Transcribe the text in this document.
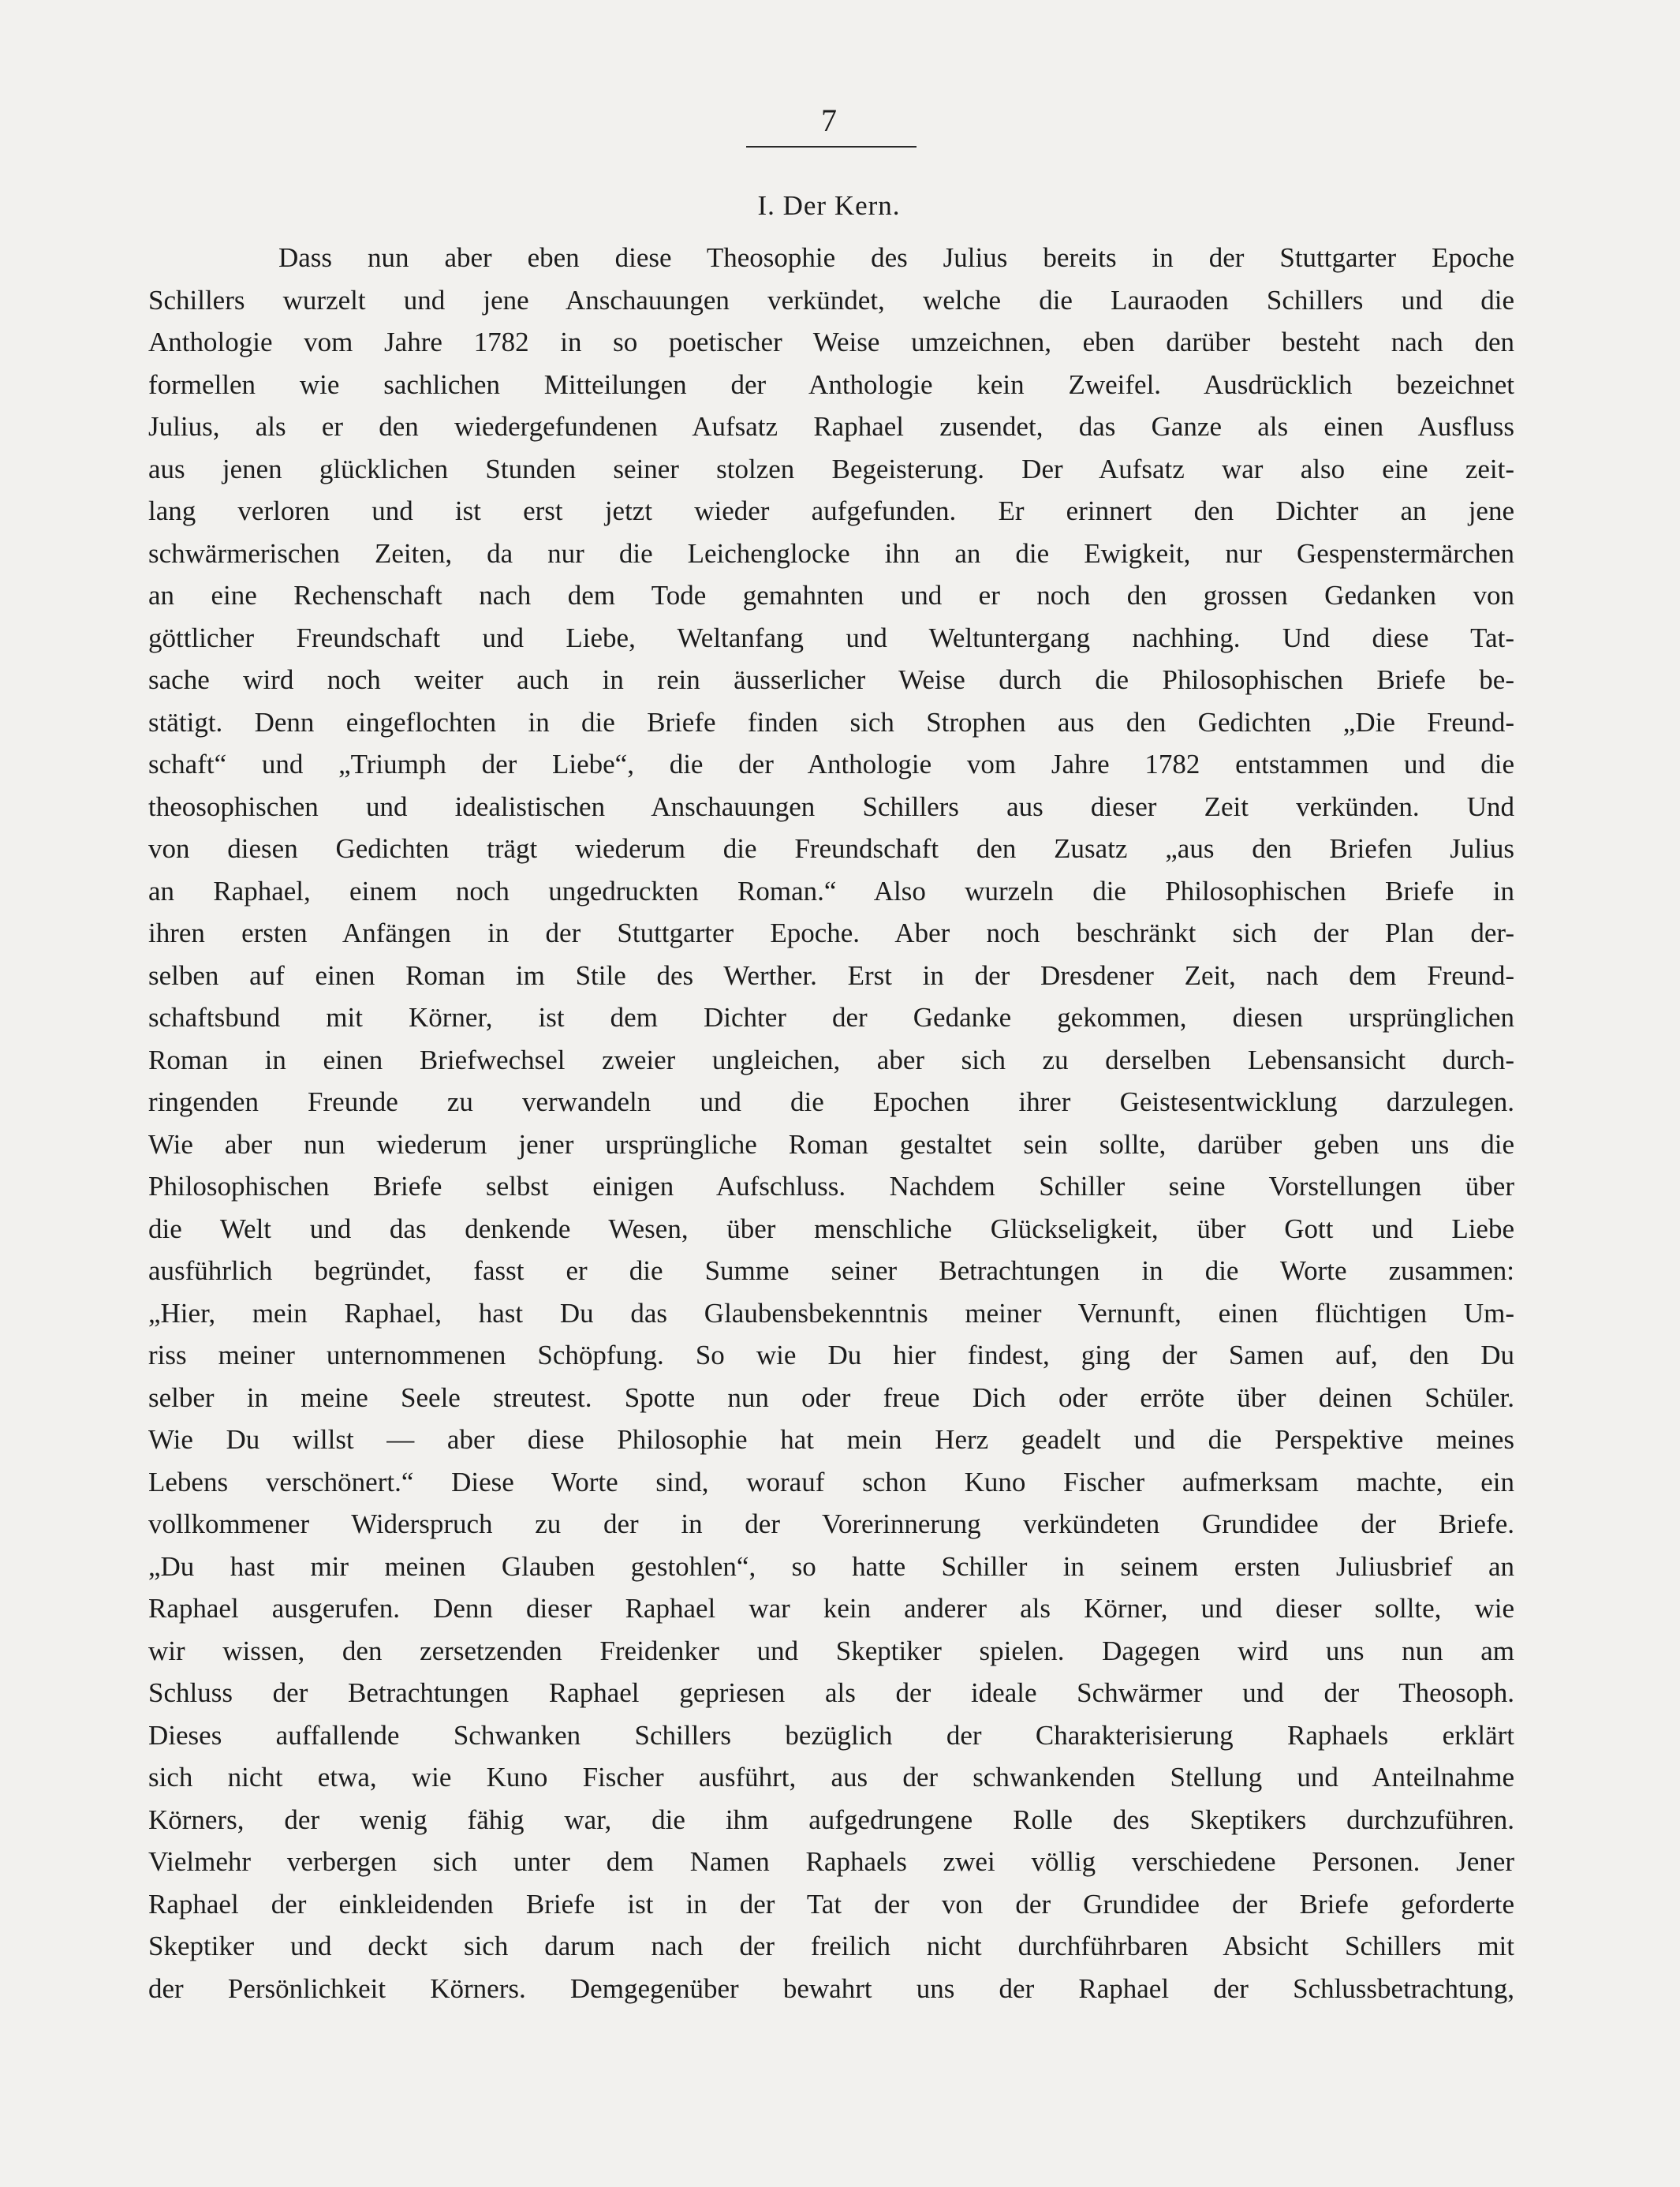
7
I. Der Kern.
Dass nun aber eben diese Theosophie des Julius bereits in der Stuttgarter Epoche
Schillers wurzelt und jene Anschauungen verkündet, welche die Lauraoden Schillers und die
Anthologie vom Jahre 1782 in so poetischer Weise umzeichnen, eben darüber besteht nach den
formellen wie sachlichen Mitteilungen der Anthologie kein Zweifel. Ausdrücklich bezeichnet
Julius, als er den wiedergefundenen Aufsatz Raphael zusendet, das Ganze als einen Ausfluss
aus jenen glücklichen Stunden seiner stolzen Begeisterung. Der Aufsatz war also eine zeit-
lang verloren und ist erst jetzt wieder aufgefunden. Er erinnert den Dichter an jene
schwärmerischen Zeiten, da nur die Leichenglocke ihn an die Ewigkeit, nur Gespenstermärchen
an eine Rechenschaft nach dem Tode gemahnten und er noch den grossen Gedanken von
göttlicher Freundschaft und Liebe, Weltanfang und Weltuntergang nachhing. Und diese Tat-
sache wird noch weiter auch in rein äusserlicher Weise durch die Philosophischen Briefe be-
stätigt. Denn eingeflochten in die Briefe finden sich Strophen aus den Gedichten „Die Freund-
schaft“ und „Triumph der Liebe“, die der Anthologie vom Jahre 1782 entstammen und die
theosophischen und idealistischen Anschauungen Schillers aus dieser Zeit verkünden. Und
von diesen Gedichten trägt wiederum die Freundschaft den Zusatz „aus den Briefen Julius
an Raphael, einem noch ungedruckten Roman.“ Also wurzeln die Philosophischen Briefe in
ihren ersten Anfängen in der Stuttgarter Epoche. Aber noch beschränkt sich der Plan der-
selben auf einen Roman im Stile des Werther. Erst in der Dresdener Zeit, nach dem Freund-
schaftsbund mit Körner, ist dem Dichter der Gedanke gekommen, diesen ursprünglichen
Roman in einen Briefwechsel zweier ungleichen, aber sich zu derselben Lebensansicht durch-
ringenden Freunde zu verwandeln und die Epochen ihrer Geistesentwicklung darzulegen.
Wie aber nun wiederum jener ursprüngliche Roman gestaltet sein sollte, darüber geben uns die
Philosophischen Briefe selbst einigen Aufschluss. Nachdem Schiller seine Vorstellungen über
die Welt und das denkende Wesen, über menschliche Glückseligkeit, über Gott und Liebe
ausführlich begründet, fasst er die Summe seiner Betrachtungen in die Worte zusammen:
„Hier, mein Raphael, hast Du das Glaubensbekenntnis meiner Vernunft, einen flüchtigen Um-
riss meiner unternommenen Schöpfung. So wie Du hier findest, ging der Samen auf, den Du
selber in meine Seele streutest. Spotte nun oder freue Dich oder erröte über deinen Schüler.
Wie Du willst — aber diese Philosophie hat mein Herz geadelt und die Perspektive meines
Lebens verschönert.“ Diese Worte sind, worauf schon Kuno Fischer aufmerksam machte, ein
vollkommener Widerspruch zu der in der Vorerinnerung verkündeten Grundidee der Briefe.
„Du hast mir meinen Glauben gestohlen“, so hatte Schiller in seinem ersten Juliusbrief an
Raphael ausgerufen. Denn dieser Raphael war kein anderer als Körner, und dieser sollte, wie
wir wissen, den zersetzenden Freidenker und Skeptiker spielen. Dagegen wird uns nun am
Schluss der Betrachtungen Raphael gepriesen als der ideale Schwärmer und der Theosoph.
Dieses auffallende Schwanken Schillers bezüglich der Charakterisierung Raphaels erklärt
sich nicht etwa, wie Kuno Fischer ausführt, aus der schwankenden Stellung und Anteilnahme
Körners, der wenig fähig war, die ihm aufgedrungene Rolle des Skeptikers durchzuführen.
Vielmehr verbergen sich unter dem Namen Raphaels zwei völlig verschiedene Personen. Jener
Raphael der einkleidenden Briefe ist in der Tat der von der Grundidee der Briefe geforderte
Skeptiker und deckt sich darum nach der freilich nicht durchführbaren Absicht Schillers mit
der Persönlichkeit Körners. Demgegenüber bewahrt uns der Raphael der Schlussbetrachtung,
